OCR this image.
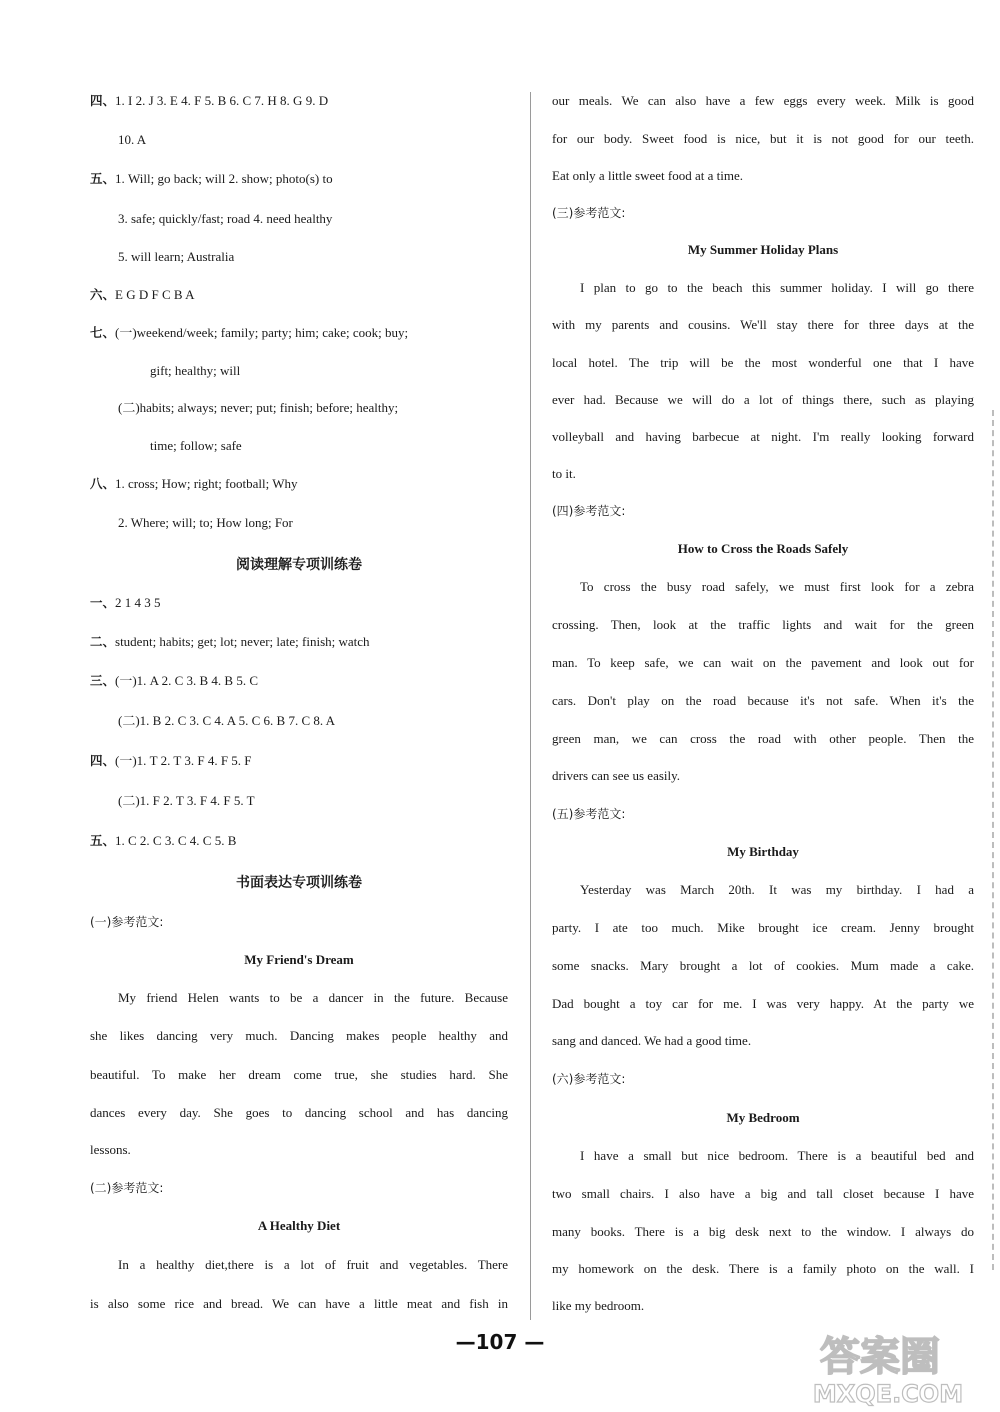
四、1. I 2. J 3. E 4. F 5. B 6. C 7. H 8. G 9. D
10. A
五、1. Will; go back; will 2. show; photo(s) to
3. safe; quickly/fast; road 4. need healthy
5. will learn; Australia
六、E G D F C B A
七、(一)weekend/week; family; party; him; cake; cook; buy;
gift; healthy; will
(二)habits; always; never; put; finish; before; healthy;
time; follow; safe
八、1. cross; How; right; football; Why
2. Where; will; to; How long; For
阅读理解专项训练卷
一、2 1 4 3 5
二、student; habits; get; lot; never; late; finish; watch
三、(一)1. A 2. C 3. B 4. B 5. C
(二)1. B 2. C 3. C 4. A 5. C 6. B 7. C 8. A
四、(一)1. T 2. T 3. F 4. F 5. F
(二)1. F 2. T 3. F 4. F 5. T
五、1. C 2. C 3. C 4. C 5. B
书面表达专项训练卷
(一)参考范文:
My Friend's Dream
My friend Helen wants to be a dancer in the future. Because
she likes dancing very much. Dancing makes people healthy and
beautiful. To make her dream come true, she studies hard. She
dances every day. She goes to dancing school and has dancing
lessons.
(二)参考范文:
A Healthy Diet
In a healthy diet,there is a lot of fruit and vegetables. There
is also some rice and bread. We can have a little meat and fish in
our meals. We can also have a few eggs every week. Milk is good
for our body. Sweet food is nice, but it is not good for our teeth.
Eat only a little sweet food at a time.
(三)参考范文:
My Summer Holiday Plans
I plan to go to the beach this summer holiday. I will go there
with my parents and cousins. We'll stay there for three days at the
local hotel. The trip will be the most wonderful one that I have
ever had. Because we will do a lot of things there, such as playing
volleyball and having barbecue at night. I'm really looking forward
to it.
(四)参考范文:
How to Cross the Roads Safely
To cross the busy road safely, we must first look for a zebra
crossing. Then, look at the traffic lights and wait for the green
man. To keep safe, we can wait on the pavement and look out for
cars. Don't play on the road because it's not safe. When it's the
green man, we can cross the road with other people. Then the
drivers can see us easily.
(五)参考范文:
My Birthday
Yesterday was March 20th. It was my birthday. I had a
party. I ate too much. Mike brought ice cream. Jenny brought
some snacks. Mary brought a lot of cookies. Mum made a cake.
Dad bought a toy car for me. I was very happy. At the party we
sang and danced. We had a good time.
(六)参考范文:
My Bedroom
I have a small but nice bedroom. There is a beautiful bed and
two small chairs. I also have a big and tall closet because I have
many books. There is a big desk next to the window. I always do
my homework on the desk. There is a family photo on the wall. I
like my bedroom.
—107 —	答案圈
MXQE.COM
